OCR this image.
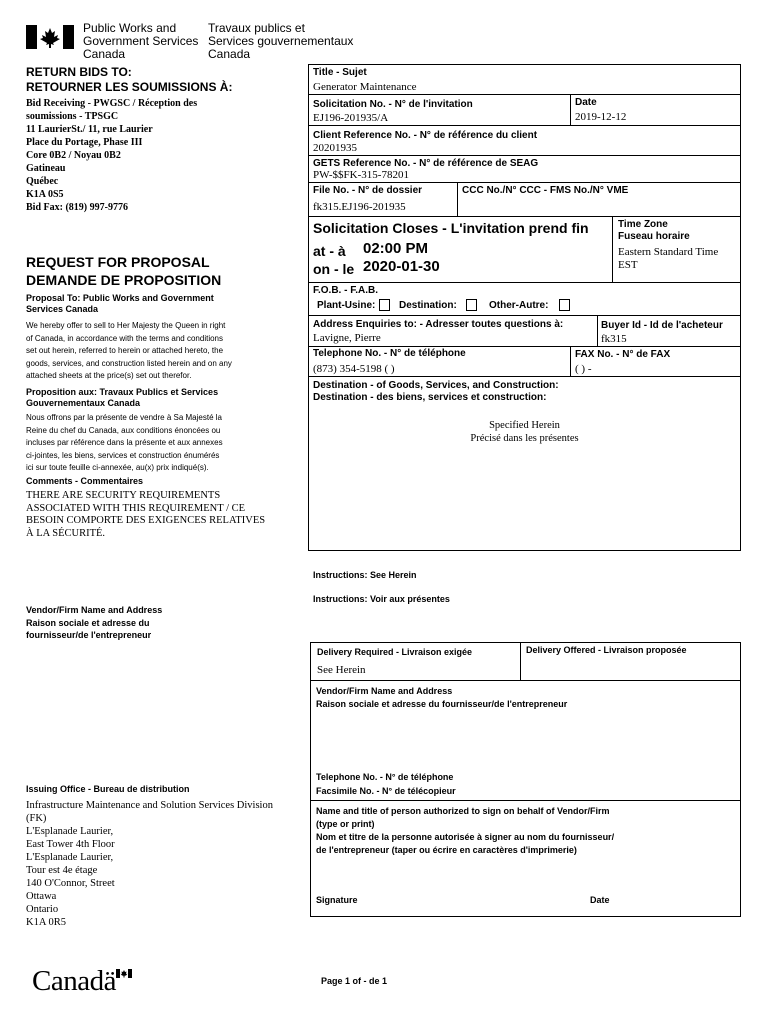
Public Works and
Government Services
Canada
Travaux publics et
Services gouvernementaux
Canada
RETURN BIDS TO:
RETOURNER LES SOUMISSIONS À:
Bid Receiving - PWGSC / Réception des
soumissions - TPSGC
11 LaurierSt./ 11, rue Laurier
Place du Portage, Phase III
Core 0B2 / Noyau 0B2
Gatineau
Québec
K1A 0S5
Bid Fax: (819) 997-9776
REQUEST FOR PROPOSAL
DEMANDE DE PROPOSITION
Proposal To: Public Works and Government
Services Canada
We hereby offer to sell to Her Majesty the Queen in right
of Canada, in accordance with the terms and conditions
set out herein, referred to herein or attached hereto, the
goods, services, and construction listed herein and on any
attached sheets at the price(s) set out therefor.
Proposition aux: Travaux Publics et Services
Gouvernementaux Canada
Nous offrons par la présente de vendre à Sa Majesté la
Reine du chef du Canada, aux conditions énoncées ou
incluses par référence dans la présente et aux annexes
ci-jointes, les biens, services et construction énumérés
ici sur toute feuille ci-annexée, au(x) prix indiqué(s).
Comments - Commentaires
THERE ARE SECURITY REQUIREMENTS
ASSOCIATED WITH THIS REQUIREMENT / CE
BESOIN COMPORTE DES EXIGENCES RELATIVES
À LA SÉCURITÉ.
Vendor/Firm Name and Address
Raison sociale et adresse du
fournisseur/de l'entrepreneur
Issuing Office - Bureau de distribution
Infrastructure Maintenance and Solution Services Division
(FK)
L'Esplanade Laurier,
East Tower 4th Floor
L'Esplanade Laurier,
Tour est 4e étage
140 O'Connor, Street
Ottawa
Ontario
K1A 0R5
Title - Sujet
Generator Maintenance
Solicitation No. - N° de l'invitation
EJ196-201935/A
Date
2019-12-12
Client Reference No. - N° de référence du client
20201935
GETS Reference No. - N° de référence de SEAG
PW-$$FK-315-78201
File No. - N° de dossier
fk315.EJ196-201935
CCC No./N° CCC - FMS No./N° VME
Solicitation Closes - L'invitation prend fin
at - à 02:00 PM
on - le 2020-01-30
Time Zone
Fuseau horaire
Eastern Standard Time
EST
F.O.B. - F.A.B.
Plant-Usine: Destination:	Other-Autre:
Address Enquiries to: - Adresser toutes questions à:
Lavigne, Pierre
Buyer Id - Id de l'acheteur
fk315
Telephone No. - N° de téléphone
(873) 354-5198 ( )
FAX No. - N° de FAX
( ) -
Destination - of Goods, Services, and Construction:
Destination - des biens, services et construction:
Specified Herein
Précisé dans les présentes
Instructions: See Herein
Instructions: Voir aux présentes
Delivery Required - Livraison exigée
See Herein
Delivery Offered - Livraison proposée
Vendor/Firm Name and Address
Raison sociale et adresse du fournisseur/de l'entrepreneur
Telephone No. - N° de téléphone
Facsimile No. - N° de télécopieur
Name and title of person authorized to sign on behalf of Vendor/Firm
(type or print)
Nom et titre de la personne autorisée à signer au nom du fournisseur/
de l'entrepreneur (taper ou écrire en caractères d'imprimerie)
Signature	Date
Canadä	Page 1 of - de 1
